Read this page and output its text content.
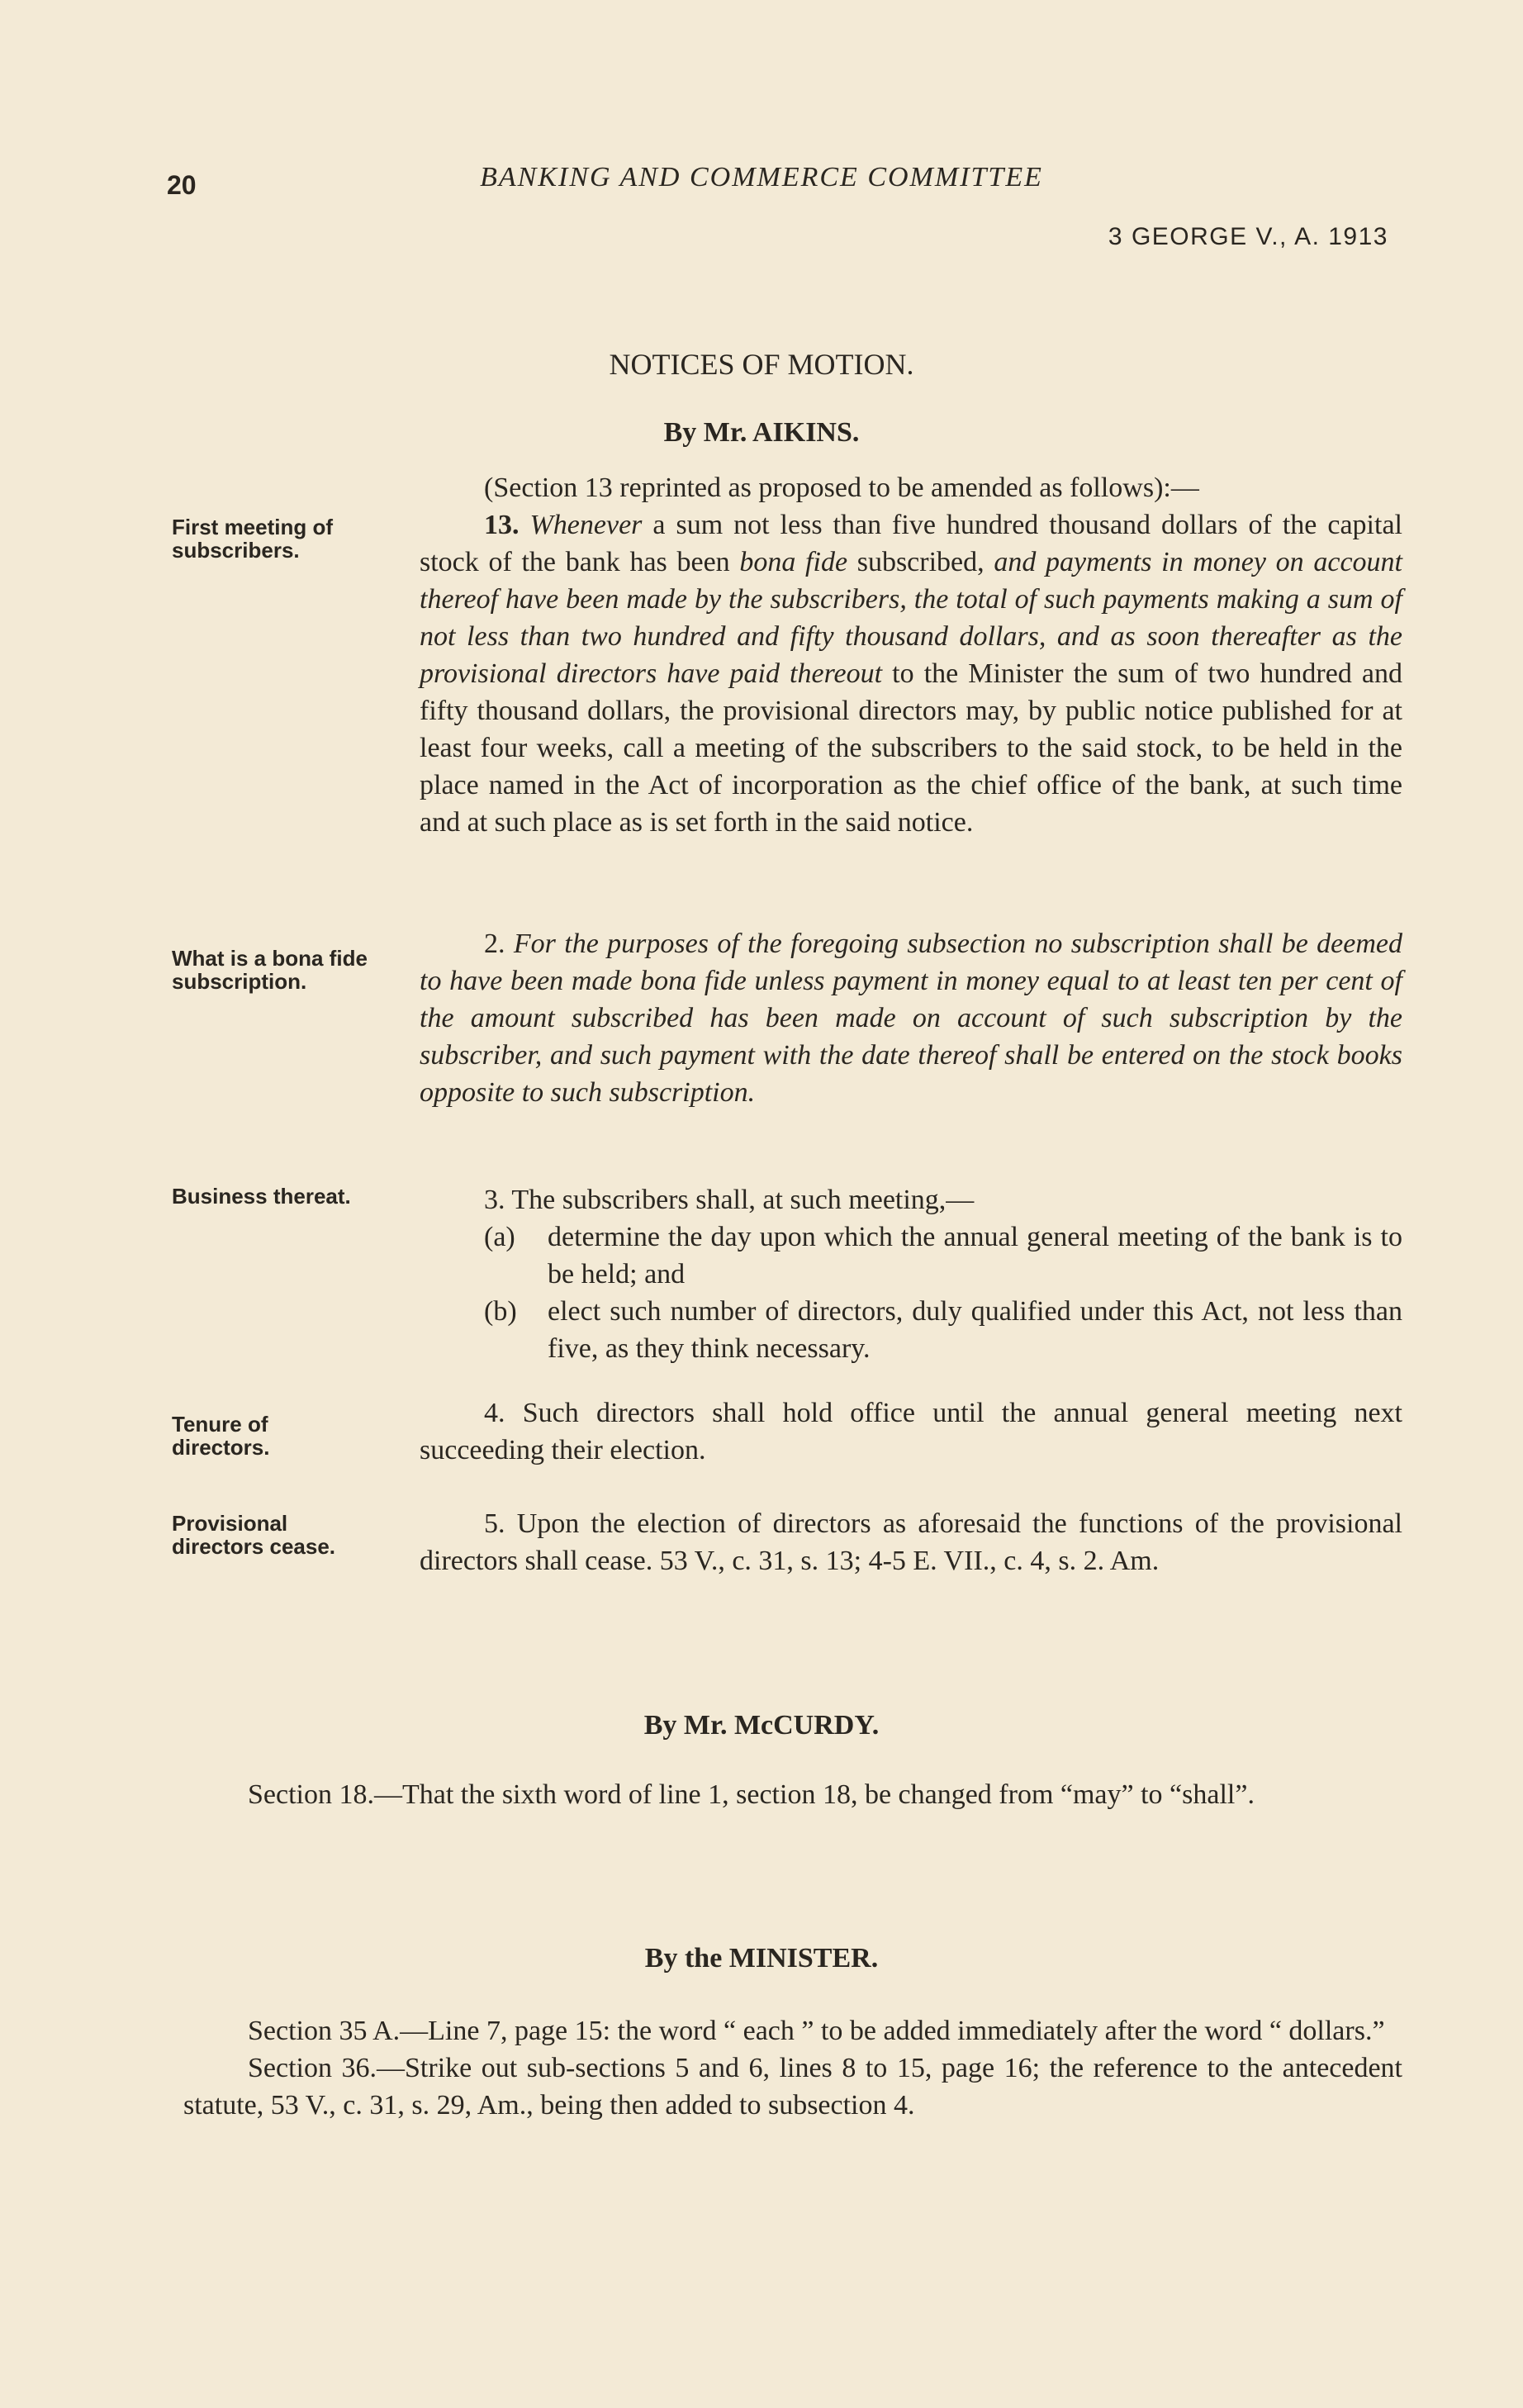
20	BANKING AND COMMERCE COMMITTEE
3 GEORGE V., A. 1913
NOTICES OF MOTION.
By Mr. AIKINS.
First meeting of subscribers.
What is a bona fide subscription.
Business thereat.
Tenure of directors.
Provisional directors cease.

(Section 13 reprinted as proposed to be amended as follows):—

13. Whenever a sum not less than five hundred thousand dollars of the capital stock of the bank has been bona fide subscribed, and payments in money on account thereof have been made by the subscribers, the total of such payments making a sum of not less than two hundred and fifty thousand dollars, and as soon thereafter as the provisional directors have paid thereout to the Minister the sum of two hundred and fifty thousand dollars, the provisional directors may, by public notice published for at least four weeks, call a meeting of the subscribers to the said stock, to be held in the place named in the Act of incorporation as the chief office of the bank, at such time and at such place as is set forth in the said notice.

2. For the purposes of the foregoing subsection no subscription shall be deemed to have been made bona fide unless payment in money equal to at least ten per cent of the amount subscribed has been made on account of such subscription by the subscriber, and such payment with the date thereof shall be entered on the stock books opposite to such subscription.

3. The subscribers shall, at such meeting,—

(a) determine the day upon which the annual general meeting of the bank is to be held; and

(b) elect such number of directors, duly qualified under this Act, not less than five, as they think necessary.

4. Such directors shall hold office until the annual general meeting next succeeding their election.

5. Upon the election of directors as aforesaid the functions of the provisional directors shall cease. 53 V., c. 31, s. 13; 4-5 E. VII., c. 4, s. 2. Am.

By Mr. McCURDY.

Section 18.—That the sixth word of line 1, section 18, be changed from “may” to “shall”.

By the MINISTER.

Section 35 A.—Line 7, page 15: the word “ each ” to be added immediately after the word “ dollars.”

Section 36.—Strike out sub-sections 5 and 6, lines 8 to 15, page 16; the reference to the antecedent statute, 53 V., c. 31, s. 29, Am., being then added to subsection 4.
